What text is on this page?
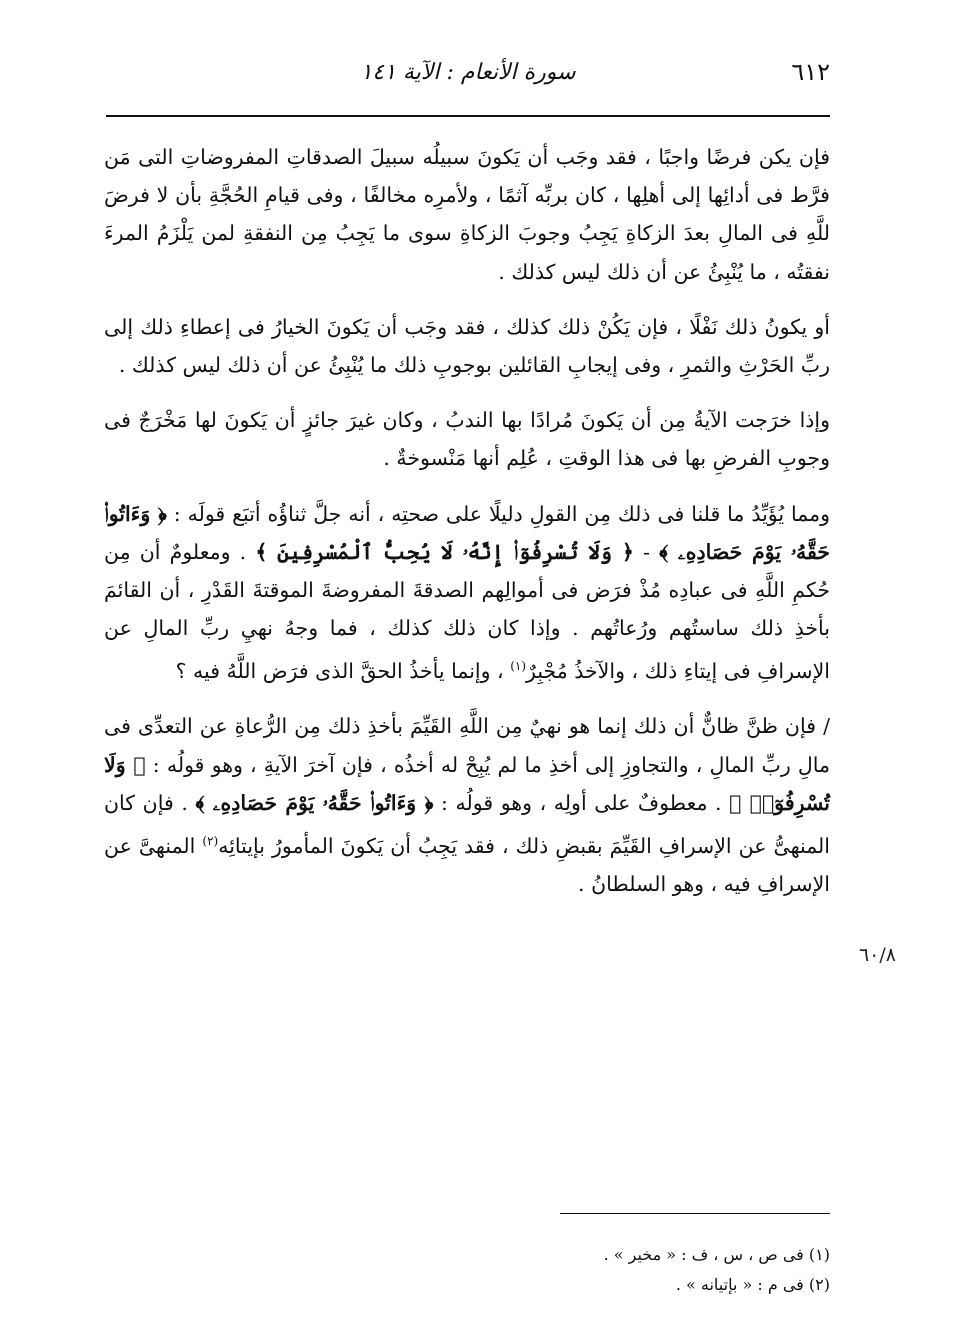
٦١٢
سورة الأنعام : الآية ١٤١

فإن يكن فرضًا واجبًا ، فقد وجَب أن يَكونَ سبيلُه سبيلَ الصدقاتِ المفروضاتِ التى مَن فرَّط فى أدائِها إلى أهلِها ، كان بربِّه آثمًا ، ولأمرِه مخالفًا ، وفى قيامِ الحُجَّةِ بأن لا فرضَ للَّهِ فى المالِ بعدَ الزكاةِ يَجِبُ وجوبَ الزكاةِ سوى ما يَجِبُ مِن النفقةِ لمن يَلْزَمُ المرءَ نفقتُه ، ما يُنْبِئُ عن أن ذلك ليس كذلك .

أو يكونُ ذلك نَفْلًا ، فإن يَكُنْ ذلك كذلك ، فقد وجَب أن يَكونَ الخيارُ فى إعطاءِ ذلك إلى ربِّ الحَرْثِ والثمرِ ، وفى إيجابِ القائلين بوجوبِ ذلك ما يُنْبِئُ عن أن ذلك ليس كذلك .

وإذا خرَجت الآيةُ مِن أن يَكونَ مُرادًا بها الندبُ ، وكان غيرَ جائزٍ أن يَكونَ لها مَخْرَجٌ فى وجوبِ الفرضِ بها فى هذا الوقتِ ، عُلِم أنها مَنْسوخةٌ .

ومما يُؤَيِّدُ ما قلنا فى ذلك مِن القولِ دليلًا على صحتِه ، أنه جلَّ ثناؤُه أتبَع قولَه : ﴿ وَءَاتُوا۟ حَقَّهُۥ يَوْمَ حَصَادِهِۦ ﴾ - ﴿ وَلَا تُسْرِفُوٓا۟ إِنَّهُۥ لَا يُحِبُّ ٱلْمُسْرِفِينَ ﴾ . ومعلومٌ أن مِن حُكمِ اللَّهِ فى عبادِه مُذْ فرَض فى أموالِهم الصدقةَ المفروضةَ الموقتةَ القَدْرِ ، أن القائمَ بأخذِ ذلك ساستُهم ورُعاتُهم . وإذا كان ذلك كذلك ، فما وجهُ نهيِ ربِّ المالِ عن الإسرافِ فى إيتاءِ ذلك ، والآخذُ مُجْبِرٌ$^{(١)}$ ، وإنما يأخذُ الحقَّ الذى فرَض اللَّهُ فيه ؟

/ فإن ظنَّ ظانٌّ أن ذلك إنما هو نهيٌ مِن اللَّهِ القَيِّمَ بأخذِ ذلك مِن الرُّعاةِ عن التعدِّى فى مالِ ربِّ المالِ ، والتجاوزِ إلى أخذِ ما لم يُبِحْ له أخذُه ، فإن آخرَ الآيةِ ، وهو قولُه : ﴿ وَلَا تُسْرِفُوٓا۟ ﴾ . معطوفٌ على أولِه ، وهو قولُه : ﴿ وَءَاتُوا۟ حَقَّهُۥ يَوْمَ حَصَادِهِۦ ﴾ . فإن كان المنهىُّ عن الإسرافِ القَيِّمَ بقبضِ ذلك ، فقد يَجِبُ أن يَكونَ المأمورُ بإيتائِه$^{(٢)}$ المنهىَّ عن الإسرافِ فيه ، وهو السلطانُ .

٦٠/٨
(١) فى ص ، س ، ف : « مخير » .
(٢) فى م : « بإتيانه » .
